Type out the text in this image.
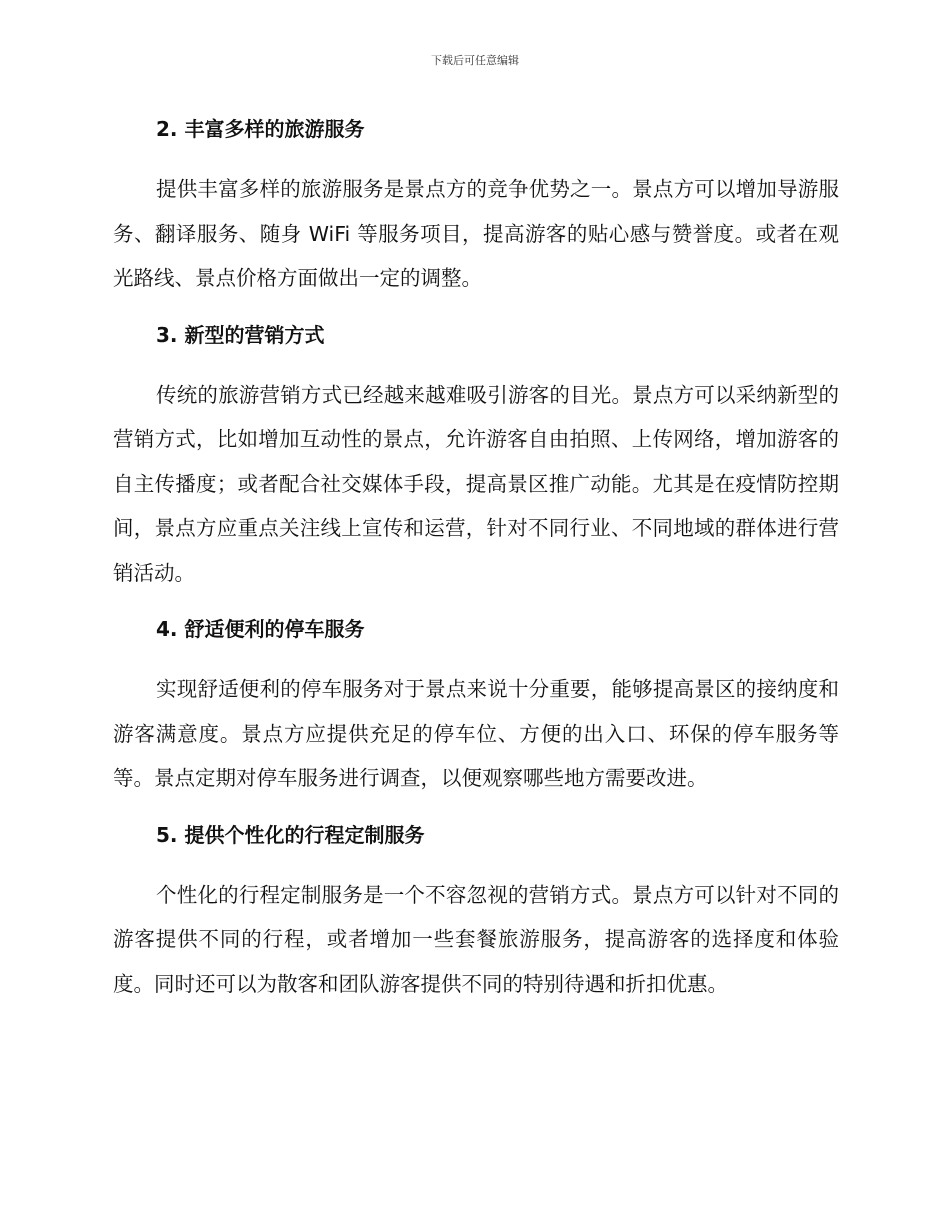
下载后可任意编辑
2. 丰富多样的旅游服务

提供丰富多样的旅游服务是景点方的竞争优势之一。景点方可以增加导游服务、翻译服务、随身 WiFi 等服务项目，提高游客的贴心感与赞誉度。或者在观光路线、景点价格方面做出一定的调整。

3. 新型的营销方式

传统的旅游营销方式已经越来越难吸引游客的目光。景点方可以采纳新型的营销方式，比如增加互动性的景点，允许游客自由拍照、上传网络，增加游客的自主传播度；或者配合社交媒体手段，提高景区推广动能。尤其是在疫情防控期间，景点方应重点关注线上宣传和运营，针对不同行业、不同地域的群体进行营销活动。

4. 舒适便利的停车服务

实现舒适便利的停车服务对于景点来说十分重要，能够提高景区的接纳度和游客满意度。景点方应提供充足的停车位、方便的出入口、环保的停车服务等等。景点定期对停车服务进行调查，以便观察哪些地方需要改进。

5. 提供个性化的行程定制服务

个性化的行程定制服务是一个不容忽视的营销方式。景点方可以针对不同的游客提供不同的行程，或者增加一些套餐旅游服务，提高游客的选择度和体验度。同时还可以为散客和团队游客提供不同的特别待遇和折扣优惠。
